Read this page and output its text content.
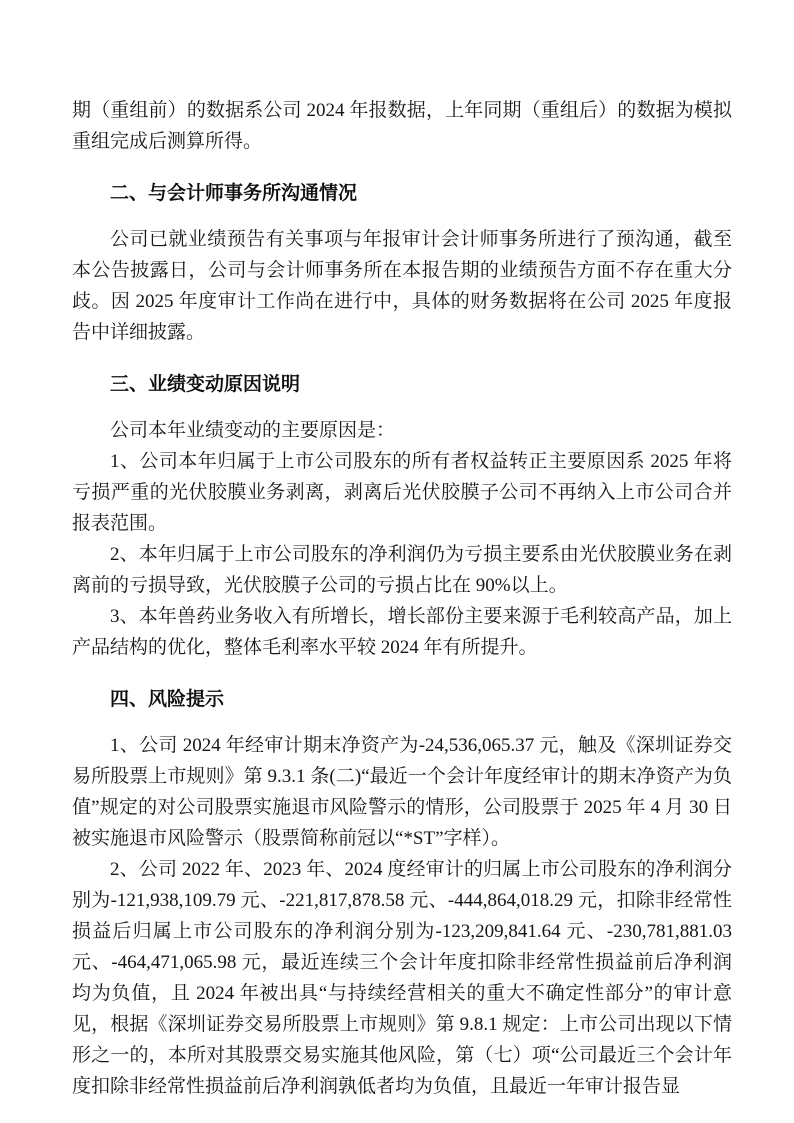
期（重组前）的数据系公司 2024 年报数据，上年同期（重组后）的数据为模拟重组完成后测算所得。

二、与会计师事务所沟通情况

公司已就业绩预告有关事项与年报审计会计师事务所进行了预沟通，截至本公告披露日，公司与会计师事务所在本报告期的业绩预告方面不存在重大分歧。因 2025 年度审计工作尚在进行中，具体的财务数据将在公司 2025 年度报告中详细披露。

三、业绩变动原因说明

公司本年业绩变动的主要原因是：

1、公司本年归属于上市公司股东的所有者权益转正主要原因系 2025 年将亏损严重的光伏胶膜业务剥离，剥离后光伏胶膜子公司不再纳入上市公司合并报表范围。

2、本年归属于上市公司股东的净利润仍为亏损主要系由光伏胶膜业务在剥离前的亏损导致，光伏胶膜子公司的亏损占比在 90%以上。

3、本年兽药业务收入有所增长，增长部份主要来源于毛利较高产品，加上产品结构的优化，整体毛利率水平较 2024 年有所提升。

四、风险提示

1、公司 2024 年经审计期末净资产为-24,536,065.37 元，触及《深圳证券交易所股票上市规则》第 9.3.1 条(二)“最近一个会计年度经审计的期末净资产为负值”规定的对公司股票实施退市风险警示的情形，公司股票于 2025 年 4 月 30 日被实施退市风险警示（股票简称前冠以“*ST”字样）。

2、公司 2022 年、2023 年、2024 度经审计的归属上市公司股东的净利润分别为-121,938,109.79 元、-221,817,878.58 元、-444,864,018.29 元，扣除非经常性损益后归属上市公司股东的净利润分别为-123,209,841.64 元、-230,781,881.03 元、-464,471,065.98 元，最近连续三个会计年度扣除非经常性损益前后净利润均为负值，且 2024 年被出具“与持续经营相关的重大不确定性部分”的审计意见，根据《深圳证券交易所股票上市规则》第 9.8.1 规定：上市公司出现以下情形之一的，本所对其股票交易实施其他风险，第（七）项“公司最近三个会计年度扣除非经常性损益前后净利润孰低者均为负值，且最近一年审计报告显
